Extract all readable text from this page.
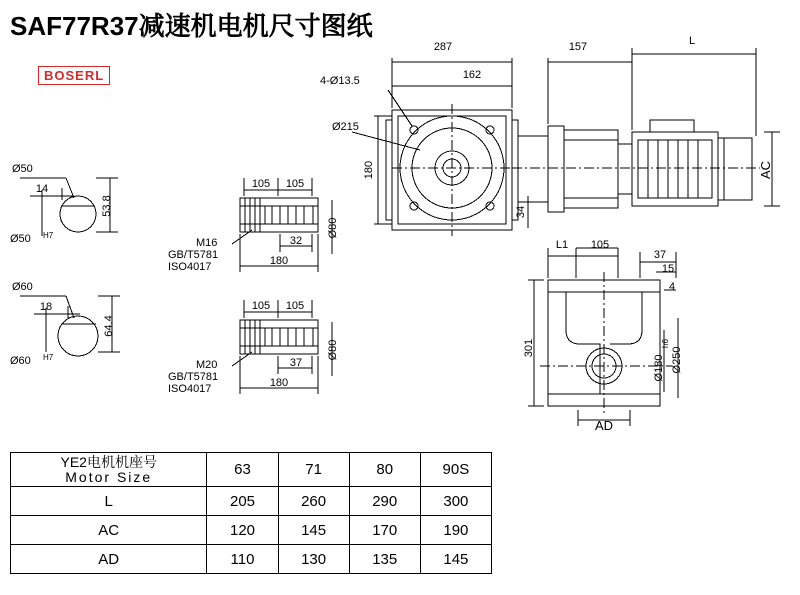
SAF77R37减速机电机尺寸图纸
BOSERL
287
162
157	L
4-Ø13.5
Ø215
180
34
AC
Ø50
53.8
14
Ø50 H7
Ø60
64.4
18
Ø60 H7
105 105
32
180
Ø80
M16
GB/T5781
ISO4017
105 105
37
180
Ø80
M20
GB/T5781
ISO4017
L1 105
37
15
4
301
Ø180
h6
Ø250
AD
YE2电机机座号
Motor Size	63	71	80	90S
L	205	260	290	300
AC	120	145	170	190
AD	110	130	135	145
